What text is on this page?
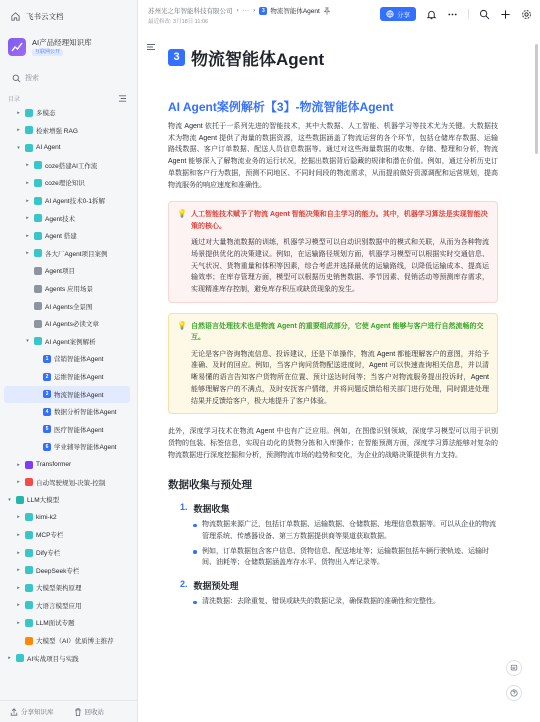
飞书云文档
AI产品经理知识库
互联网公开
搜索
目录
▸	多模态
▸	检索增强 RAG
▾	AI Agent
▸	coze搭建AI工作流
▸	coze理论知识
▸	AI Agent技术0-1拆解
▸	Agent技术
▸	Agent 搭建
▸	各大厂Agent项目案例
Agent项目
Agents 应用场景
AI Agents全景图
AI Agents必读文章
▾	AI Agent案例解析
1 营销智能体Agent
2 运维智能体Agent
3 物流智能体Agent
4 数据分析智能体Agent
5 医疗智能体Agent
6 学业辅导智能体Agent
▸	Transformer
▸	自动驾驶规划-决策-控制
▾	LLM大模型
▸	kimi-k2
▸	MCP专栏
▸	Dify专栏
▸	DeepSeek专栏
▸	大模型架构原理
▸	大语言模型应用
▸	LLM面试专题
大模型（AI）优质博主推荐
▸	AI实战项目与实践
分享知识库	回收站
苏州光之年智能科技有限公司 › ··· ›	3 物流智能体Agent
最近修改: 3月18日 11:06
分享
3 物流智能体Agent
AI Agent案例解析【3】-物流智能体Agent

物流 Agent 依托于一系列先进的智能技术，其中大数据、人工智能、机器学习等技术尤为关键。大数据技术为物流 Agent 提供了海量的数据资源，这些数据涵盖了物流运营的各个环节，包括仓储库存数据、运输路线数据、客户订单数据、配送人员信息数据等。通过对这些海量数据的收集、存储、整理和分析，物流 Agent 能够深入了解物流业务的运行状况，挖掘出数据背后隐藏的规律和潜在价值。例如，通过分析历史订单数据和客户行为数据，预测不同地区、不同时间段的物流需求，从而提前做好资源调配和运营规划，提高物流服务的响应速度和准确性。

💡 人工智能技术赋予了物流 Agent 智能决策和自主学习的能力。其中，机器学习算法是实现智能决策的核心。
通过对大量物流数据的训练，机器学习模型可以自动识别数据中的模式和关联，从而为各种物流场景提供优化的决策建议。例如，在运输路径规划方面，机器学习模型可以根据实时交通信息、天气状况、货物重量和体积等因素，综合考虑并选择最优的运输路线，以降低运输成本、提高运输效率；在库存管理方面，模型可以根据历史销售数据、季节因素、促销活动等预测库存需求，实现精准库存控制，避免库存积压或缺货现象的发生。
💡 自然语言处理技术也是物流 Agent 的重要组成部分，它使 Agent 能够与客户进行自然流畅的交互。
无论是客户咨询物流信息、投诉建议，还是下单操作，物流 Agent 都能理解客户的意图，并给予准确、及时的回应。例如，当客户询问货物配送进度时，Agent 可以快速查询相关信息，并以清晰易懂的语言告知客户货物所在位置、预计送达时间等；当客户对物流服务提出投诉时，Agent 能够理解客户的不满点，及时安抚客户情绪，并将问题反馈给相关部门进行处理，同时跟进处理结果并反馈给客户，极大地提升了客户体验。

此外，深度学习技术在物流 Agent 中也有广泛应用。例如，在图像识别领域，深度学习模型可以用于识别货物的包装、标签信息，实现自动化的货物分拣和入库操作；在智能预测方面，深度学习算法能够对复杂的物流数据进行深度挖掘和分析，预测物流市场的趋势和变化，为企业的战略决策提供有力支持。

数据收集与预处理
1. 数据收集
物流数据来源广泛，包括订单数据、运输数据、仓储数据、地理信息数据等。可以从企业的物流管理系统、传感器设备、第三方数据提供商等渠道获取数据。
例如，订单数据包含客户信息、货物信息、配送地址等；运输数据包括车辆行驶轨迹、运输时间、油耗等；仓储数据涵盖库存水平、货物出入库记录等。
2. 数据预处理
清洗数据：去除重复、错误或缺失的数据记录，确保数据的准确性和完整性。
